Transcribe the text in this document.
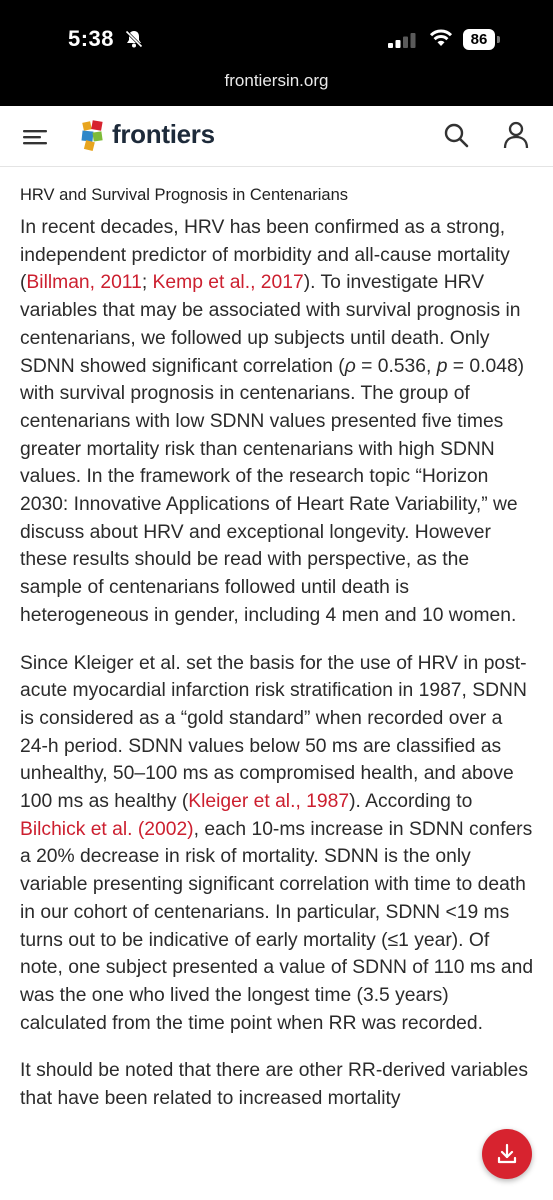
5:38	86
frontiersin.org
frontiers
HRV and Survival Prognosis in Centenarians

In recent decades, HRV has been confirmed as a strong, independent predictor of morbidity and all-cause mortality (Billman, 2011; Kemp et al., 2017). To investigate HRV variables that may be associated with survival prognosis in centenarians, we followed up subjects until death. Only SDNN showed significant correlation (ρ = 0.536, p = 0.048) with survival prognosis in centenarians. The group of centenarians with low SDNN values presented five times greater mortality risk than centenarians with high SDNN values. In the framework of the research topic “Horizon 2030: Innovative Applications of Heart Rate Variability,” we discuss about HRV and exceptional longevity. However these results should be read with perspective, as the sample of centenarians followed until death is heterogeneous in gender, including 4 men and 10 women.

Since Kleiger et al. set the basis for the use of HRV in post-acute myocardial infarction risk stratification in 1987, SDNN is considered as a “gold standard” when recorded over a 24-h period. SDNN values below 50 ms are classified as unhealthy, 50–100 ms as compromised health, and above 100 ms as healthy (Kleiger et al., 1987). According to Bilchick et al. (2002), each 10-ms increase in SDNN confers a 20% decrease in risk of mortality. SDNN is the only variable presenting significant correlation with time to death in our cohort of centenarians. In particular, SDNN <19 ms turns out to be indicative of early mortality (≤1 year). Of note, one subject presented a value of SDNN of 110 ms and was the one who lived the longest time (3.5 years) calculated from the time point when RR was recorded.

It should be noted that there are other RR-derived variables that have been related to increased mortality
